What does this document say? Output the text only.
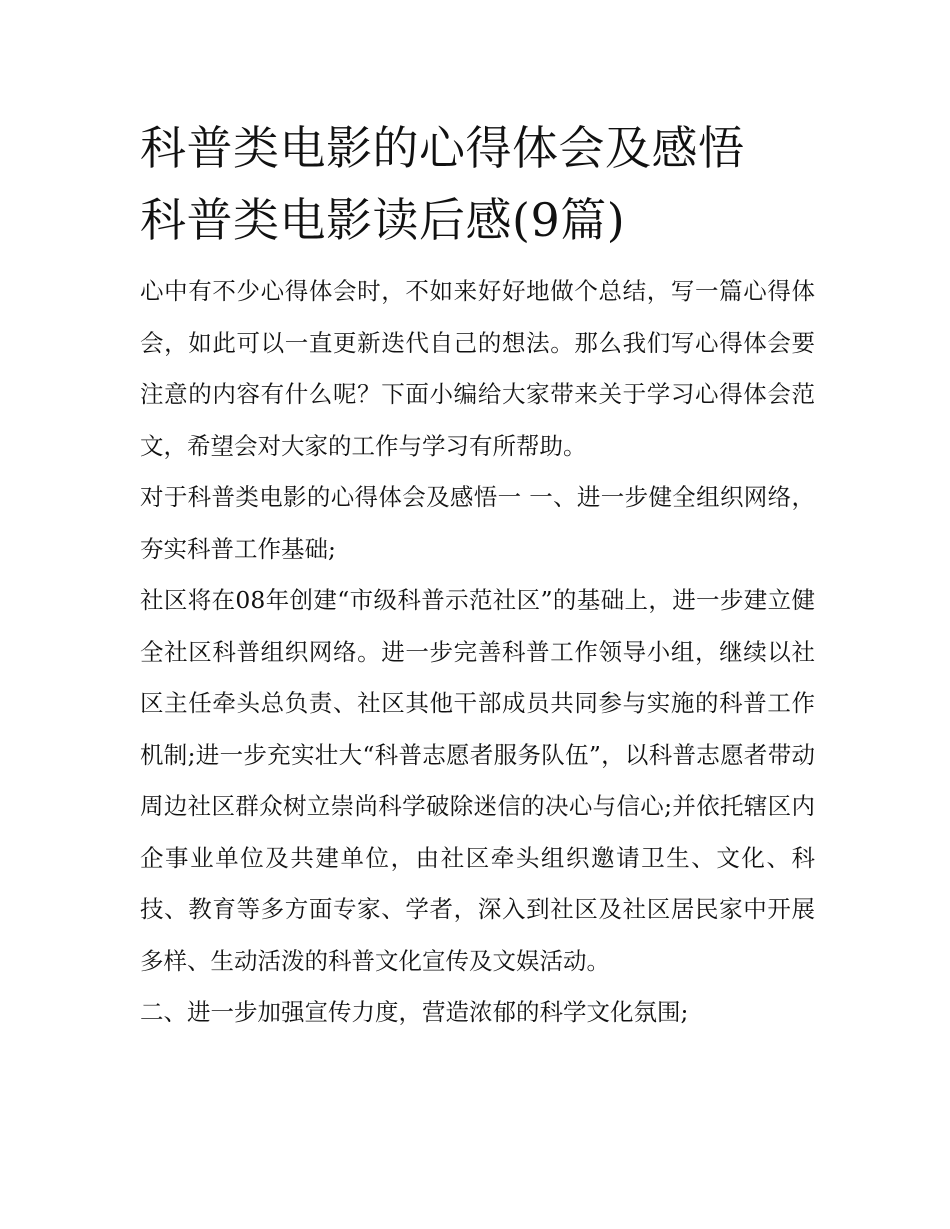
科普类电影的心得体会及感悟
科普类电影读后感(9篇)

心中有不少心得体会时，不如来好好地做个总结，写一篇心得体会，如此可以一直更新迭代自己的想法。那么我们写心得体会要注意的内容有什么呢？下面小编给大家带来关于学习心得体会范文，希望会对大家的工作与学习有所帮助。

对于科普类电影的心得体会及感悟一 一、进一步健全组织网络，夯实科普工作基础;

社区将在08年创建“市级科普示范社区”的基础上，进一步建立健全社区科普组织网络。进一步完善科普工作领导小组，继续以社区主任牵头总负责、社区其他干部成员共同参与实施的科普工作机制;进一步充实壮大“科普志愿者服务队伍”，以科普志愿者带动周边社区群众树立崇尚科学破除迷信的决心与信心;并依托辖区内企事业单位及共建单位，由社区牵头组织邀请卫生、文化、科技、教育等多方面专家、学者，深入到社区及社区居民家中开展多样、生动活泼的科普文化宣传及文娱活动。

二、进一步加强宣传力度，营造浓郁的科学文化氛围;
